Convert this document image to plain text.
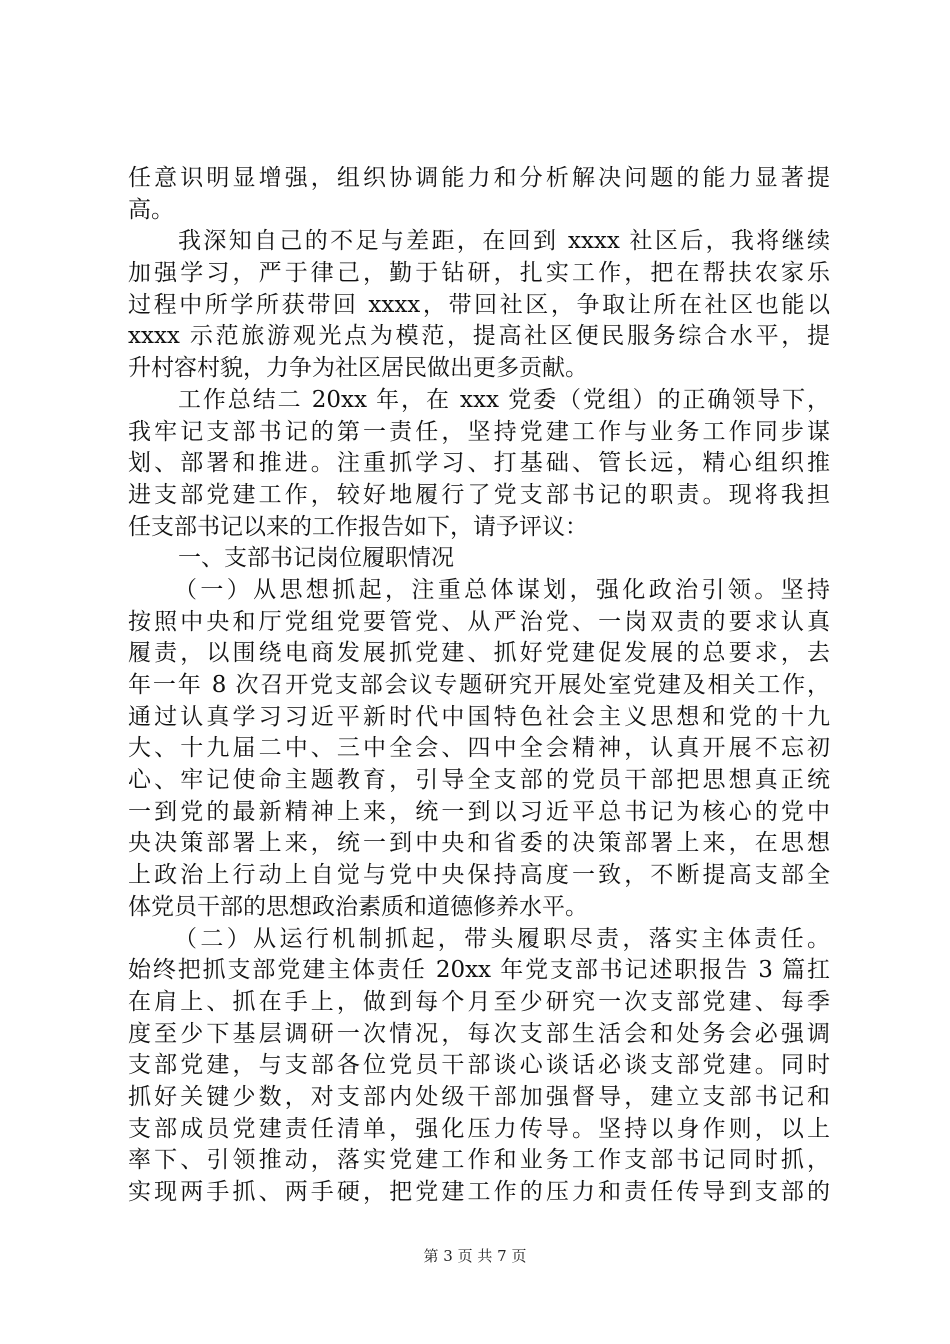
任意识明显增强，组织协调能力和分析解决问题的能力显著提
高。
我深知自己的不足与差距，在回到 xxxx 社区后，我将继续
加强学习，严于律己，勤于钻研，扎实工作，把在帮扶农家乐
过程中所学所获带回 xxxx，带回社区，争取让所在社区也能以
xxxx 示范旅游观光点为模范，提高社区便民服务综合水平，提
升村容村貌，力争为社区居民做出更多贡献。
工作总结二 20xx 年，在 xxx 党委（党组）的正确领导下，
我牢记支部书记的第一责任，坚持党建工作与业务工作同步谋
划、部署和推进。注重抓学习、打基础、管长远，精心组织推
进支部党建工作，较好地履行了党支部书记的职责。现将我担
任支部书记以来的工作报告如下，请予评议：
一、支部书记岗位履职情况
（一）从思想抓起，注重总体谋划，强化政治引领。坚持
按照中央和厅党组党要管党、从严治党、一岗双责的要求认真
履责，以围绕电商发展抓党建、抓好党建促发展的总要求，去
年一年 8 次召开党支部会议专题研究开展处室党建及相关工作，
通过认真学习习近平新时代中国特色社会主义思想和党的十九
大、十九届二中、三中全会、四中全会精神，认真开展不忘初
心、牢记使命主题教育，引导全支部的党员干部把思想真正统
一到党的最新精神上来，统一到以习近平总书记为核心的党中
央决策部署上来，统一到中央和省委的决策部署上来，在思想
上政治上行动上自觉与党中央保持高度一致，不断提高支部全
体党员干部的思想政治素质和道德修养水平。
（二）从运行机制抓起，带头履职尽责，落实主体责任。
始终把抓支部党建主体责任 20xx 年党支部书记述职报告 3 篇扛
在肩上、抓在手上，做到每个月至少研究一次支部党建、每季
度至少下基层调研一次情况，每次支部生活会和处务会必强调
支部党建，与支部各位党员干部谈心谈话必谈支部党建。同时
抓好关键少数，对支部内处级干部加强督导，建立支部书记和
支部成员党建责任清单，强化压力传导。坚持以身作则，以上
率下、引领推动，落实党建工作和业务工作支部书记同时抓，
实现两手抓、两手硬，把党建工作的压力和责任传导到支部的
第 3 页 共 7 页
